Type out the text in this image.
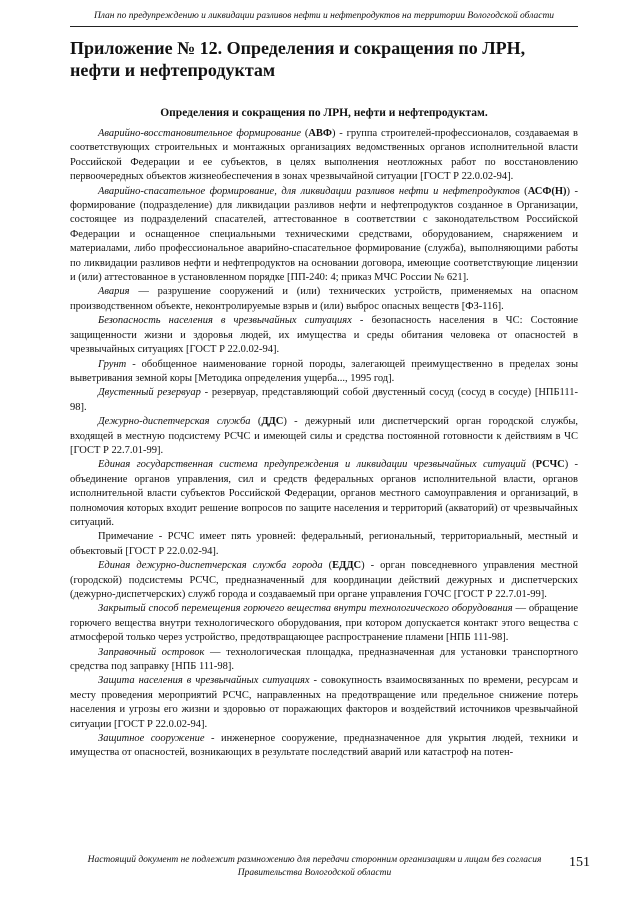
План по предупреждению и ликвидации разливов нефти и нефтепродуктов на территории Вологодской области
Приложение № 12. Определения и сокращения по ЛРН, нефти и нефтепродуктам
Определения и сокращения по ЛРН, нефти и нефтепродуктам.

Аварийно-восстановительное формирование (АВФ) - группа строителей-профессионалов, создаваемая в соответствующих строительных и монтажных организациях ведомственных органов исполнительной власти Российской Федерации и ее субъектов, в целях выполнения неотложных работ по восстановлению первоочередных объектов жизнеобеспечения в зонах чрезвычайной ситуации [ГОСТ Р 22.0.02-94].

Аварийно-спасательное формирование, для ликвидации разливов нефти и нефтепродуктов (АСФ(Н)) - формирование (подразделение) для ликвидации разливов нефти и нефтепродуктов созданное в Организации, состоящее из подразделений спасателей, аттестованное в соответствии с законодательством Российской Федерации и оснащенное специальными техническими средствами, оборудованием, снаряжением и материалами, либо профессиональное аварийно-спасательное формирование (служба), выполняющими работы по ликвидации разливов нефти и нефтепродуктов на основании договора, имеющие соответствующие лицензии и (или) аттестованное в установленном порядке [ПП-240: 4; приказ МЧС России № 621].

Авария — разрушение сооружений и (или) технических устройств, применяемых на опасном производственном объекте, неконтролируемые взрыв и (или) выброс опасных веществ [ФЗ-116].

Безопасность населения в чрезвычайных ситуациях - безопасность населения в ЧС: Состояние защищенности жизни и здоровья людей, их имущества и среды обитания человека от опасностей в чрезвычайных ситуациях [ГОСТ Р 22.0.02-94].

Грунт - обобщенное наименование горной породы, залегающей преимущественно в пределах зоны выветривания земной коры [Методика определения ущерба..., 1995 год].

Двустенный резервуар - резервуар, представляющий собой двустенный сосуд (сосуд в сосуде) [НПБ111-98].

Дежурно-диспетчерская служба (ДДС) - дежурный или диспетчерский орган городской службы, входящей в местную подсистему РСЧС и имеющей силы и средства постоянной готовности к действиям в ЧС [ГОСТ Р 22.7.01-99].

Единая государственная система предупреждения и ликвидации чрезвычайных ситуаций (РСЧС) - объединение органов управления, сил и средств федеральных органов исполнительной власти, органов исполнительной власти субъектов Российской Федерации, органов местного самоуправления и организаций, в полномочия которых входит решение вопросов по защите населения и территорий (акваторий) от чрезвычайных ситуаций.

Примечание - РСЧС имеет пять уровней: федеральный, региональный, территориальный, местный и объектовый [ГОСТ Р 22.0.02-94].

Единая дежурно-диспетчерская служба города (ЕДДС) - орган повседневного управления местной (городской) подсистемы РСЧС, предназначенный для координации действий дежурных и диспетчерских (дежурно-диспетчерских) служб города и создаваемый при органе управления ГОЧС [ГОСТ Р 22.7.01-99].

Закрытый способ перемещения горючего вещества внутри технологического оборудования — обращение горючего вещества внутри технологического оборудования, при котором допускается контакт этого вещества с атмосферой только через устройство, предотвращающее распространение пламени [НПБ 111-98].

Заправочный островок — технологическая площадка, предназначенная для установки транспортного средства под заправку [НПБ 111-98].

Защита населения в чрезвычайных ситуациях - совокупность взаимосвязанных по времени, ресурсам и месту проведения мероприятий РСЧС, направленных на предотвращение или предельное снижение потерь населения и угрозы его жизни и здоровью от поражающих факторов и воздействий источников чрезвычайной ситуации [ГОСТ Р 22.0.02-94].

Защитное сооружение - инженерное сооружение, предназначенное для укрытия людей, техники и имущества от опасностей, возникающих в результате последствий аварий или катастроф на потен-

Настоящий документ не подлежит размножению для передачи сторонним организациям и лицам без согласия Правительства Вологодской области
151
